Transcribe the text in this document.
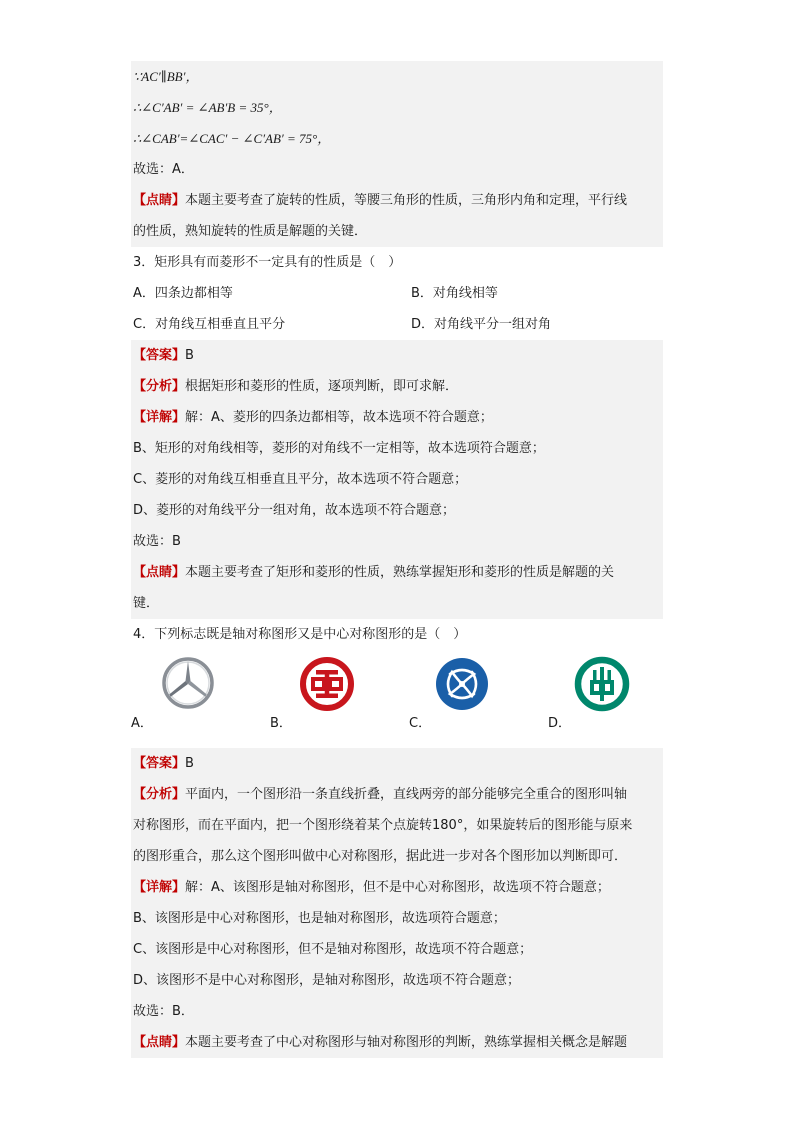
∵AC′∥BB′，
∴∠C′AB′ = ∠AB′B = 35°，
∴∠CAB′=∠CAC′ − ∠C′AB′ = 75°，
故选：A．
【点睛】本题主要考查了旋转的性质，等腰三角形的性质，三角形内角和定理，平行线
的性质，熟知旋转的性质是解题的关键．
3．矩形具有而菱形不一定具有的性质是（　）
A．四条边都相等	B．对角线相等
C．对角线互相垂直且平分	D．对角线平分一组对角
【答案】B
【分析】根据矩形和菱形的性质，逐项判断，即可求解．
【详解】解：A、菱形的四条边都相等，故本选项不符合题意；
B、矩形的对角线相等，菱形的对角线不一定相等，故本选项符合题意；
C、菱形的对角线互相垂直且平分，故本选项不符合题意；
D、菱形的对角线平分一组对角，故本选项不符合题意；
故选：B
【点睛】本题主要考查了矩形和菱形的性质，熟练掌握矩形和菱形的性质是解题的关
键．
4．下列标志既是轴对称图形又是中心对称图形的是（　）
A．	B．	C．	D．
【答案】B
【分析】平面内，一个图形沿一条直线折叠，直线两旁的部分能够完全重合的图形叫轴
对称图形，而在平面内，把一个图形绕着某个点旋转180°，如果旋转后的图形能与原来
的图形重合，那么这个图形叫做中心对称图形，据此进一步对各个图形加以判断即可．
【详解】解：A、该图形是轴对称图形，但不是中心对称图形，故选项不符合题意；
B、该图形是中心对称图形，也是轴对称图形，故选项符合题意；
C、该图形是中心对称图形，但不是轴对称图形，故选项不符合题意；
D、该图形不是中心对称图形，是轴对称图形，故选项不符合题意；
故选：B．
【点睛】本题主要考查了中心对称图形与轴对称图形的判断，熟练掌握相关概念是解题
